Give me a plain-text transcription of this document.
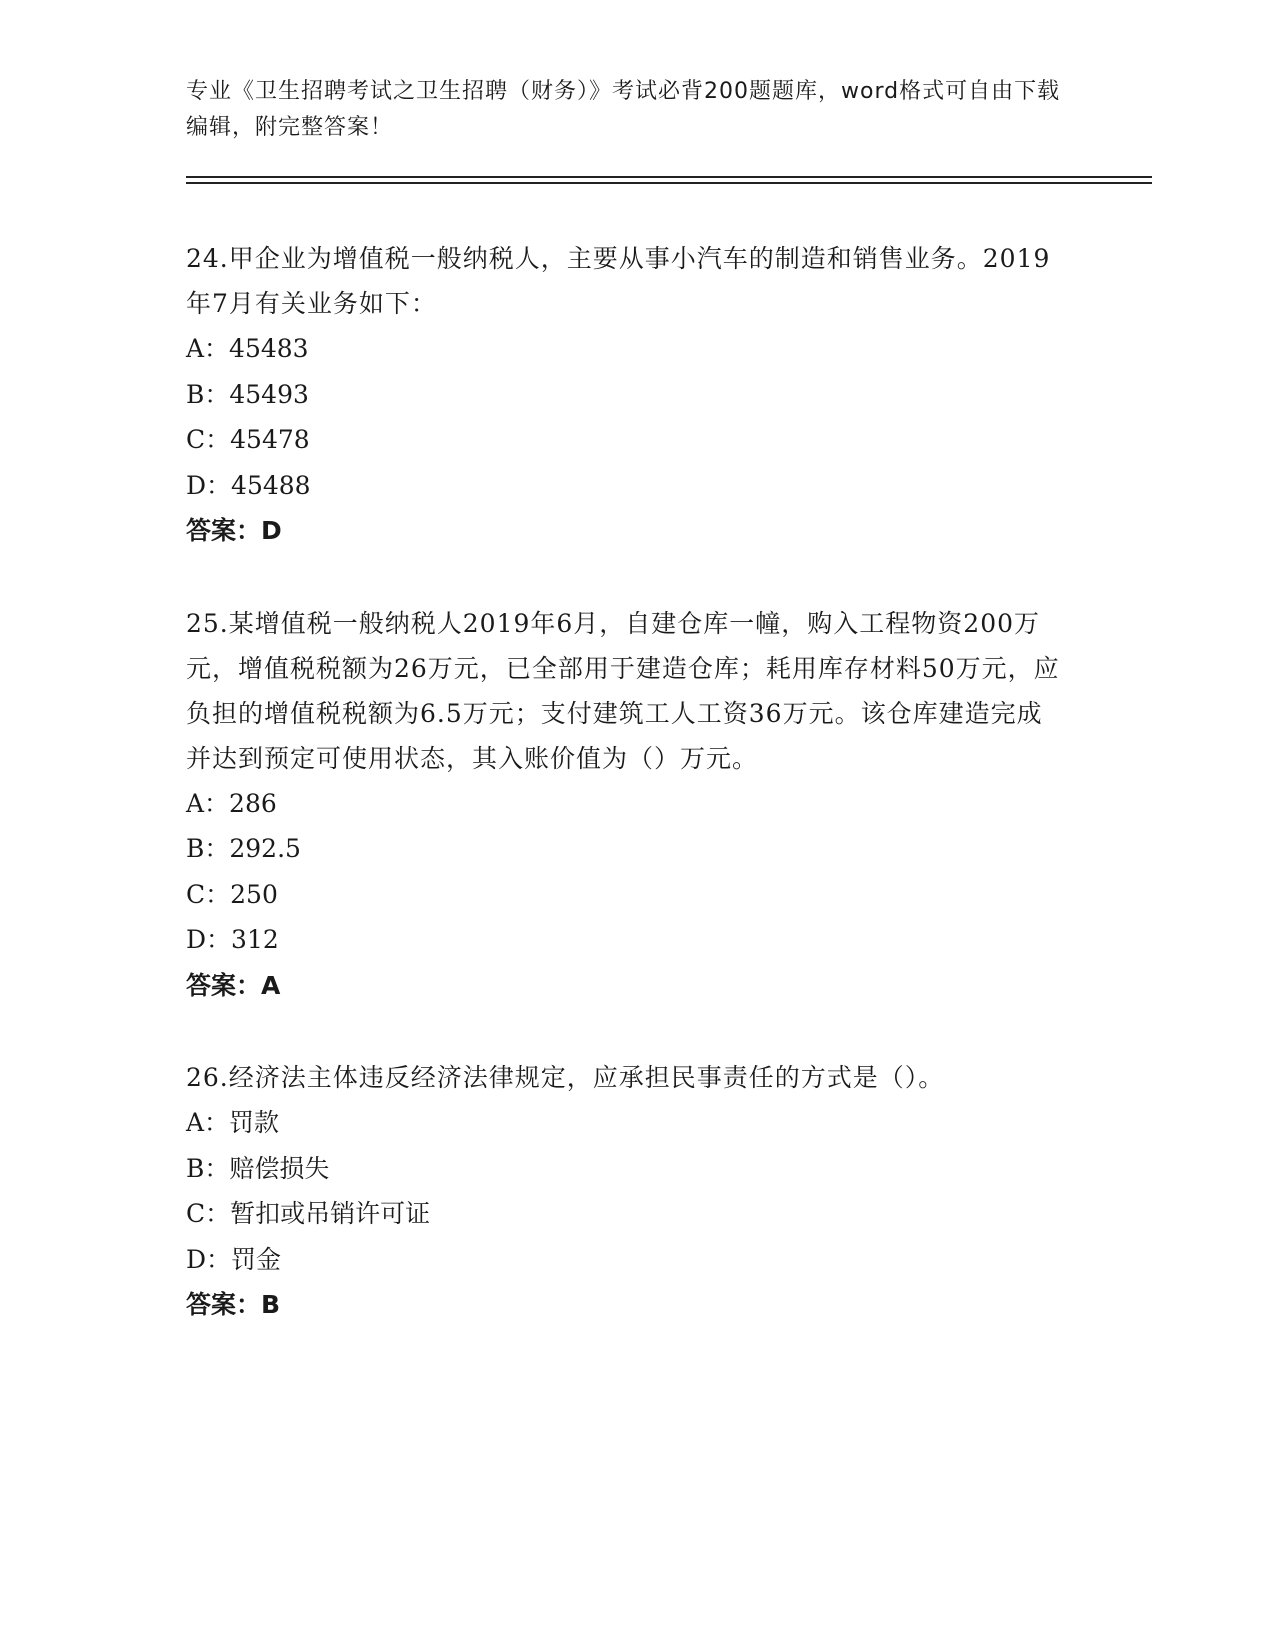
专业《卫生招聘考试之卫生招聘（财务）》考试必背200题题库，word格式可自由下载编辑，附完整答案！

24.甲企业为增值税一般纳税人，主要从事小汽车的制造和销售业务。2019年7月有关业务如下：

A：45483
B：45493
C：45478
D：45488
答案：D

25.某增值税一般纳税人2019年6月，自建仓库一幢，购入工程物资200万元，增值税税额为26万元，已全部用于建造仓库；耗用库存材料50万元，应负担的增值税税额为6.5万元；支付建筑工人工资36万元。该仓库建造完成并达到预定可使用状态，其入账价值为（）万元。

A：286
B：292.5
C：250
D：312
答案：A

26.经济法主体违反经济法律规定，应承担民事责任的方式是（）。

A：罚款
B：赔偿损失
C：暂扣或吊销许可证
D：罚金
答案：B
